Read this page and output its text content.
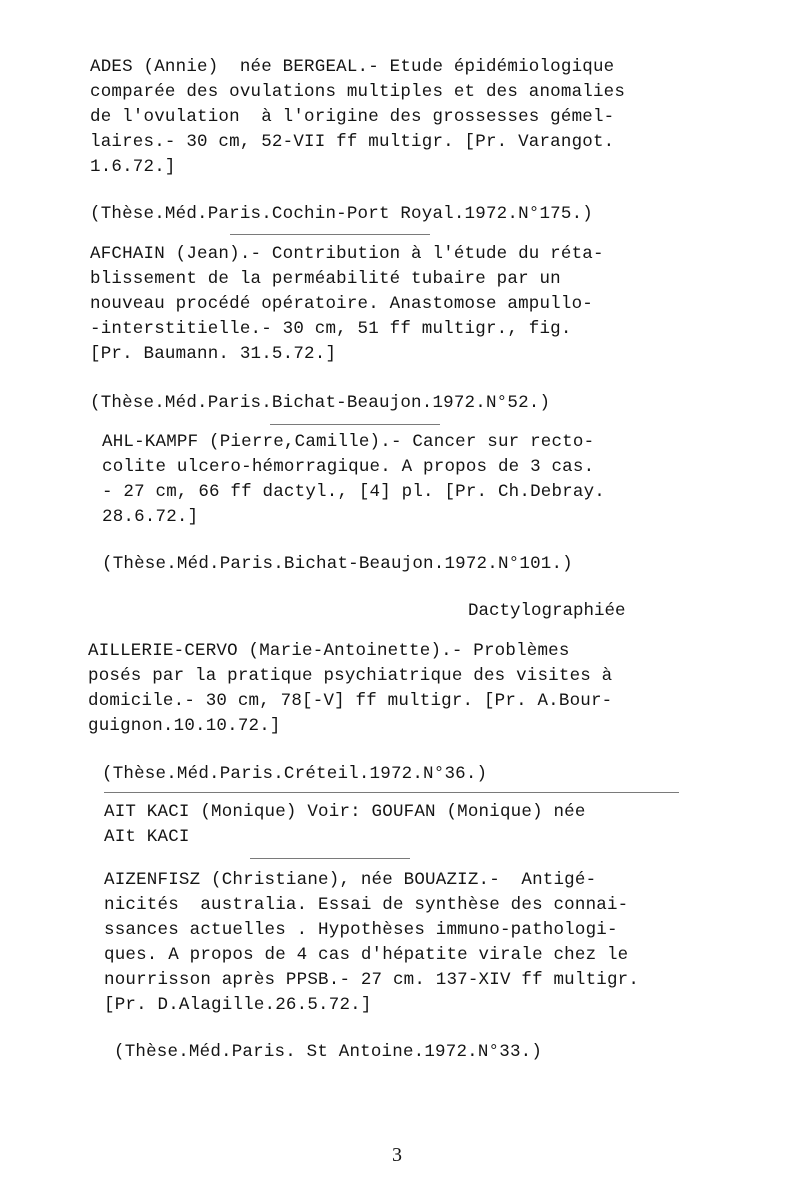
ADES (Annie)  née BERGEAL.- Etude épidémiologique
comparée des ovulations multiples et des anomalies
de l'ovulation  à l'origine des grossesses gémel-
laires.- 30 cm, 52-VII ff multigr. [Pr. Varangot.
1.6.72.]
(Thèse.Méd.Paris.Cochin-Port Royal.1972.N°175.)
AFCHAIN (Jean).- Contribution à l'étude du réta-
blissement de la perméabilité tubaire par un
nouveau procédé opératoire. Anastomose ampullo-
-interstitielle.- 30 cm, 51 ff multigr., fig.
[Pr. Baumann. 31.5.72.]
(Thèse.Méd.Paris.Bichat-Beaujon.1972.N°52.)
AHL-KAMPF (Pierre,Camille).- Cancer sur recto-
colite ulcero-hémorragique. A propos de 3 cas.
- 27 cm, 66 ff dactyl., [4] pl. [Pr. Ch.Debray.
28.6.72.]
(Thèse.Méd.Paris.Bichat-Beaujon.1972.N°101.)
Dactylographiée
AILLERIE-CERVO (Marie-Antoinette).- Problèmes
posés par la pratique psychiatrique des visites à
domicile.- 30 cm, 78[-V] ff multigr. [Pr. A.Bour-
guignon.10.10.72.]
(Thèse.Méd.Paris.Créteil.1972.N°36.)
AIT KACI (Monique) Voir: GOUFAN (Monique) née
AIt KACI
AIZENFISZ (Christiane), née BOUAZIZ.-  Antigé-
nicités  australia. Essai de synthèse des connai-
ssances actuelles . Hypothèses immuno-pathologi-
ques. A propos de 4 cas d'hépatite virale chez le
nourrisson après PPSB.- 27 cm. 137-XIV ff multigr.
[Pr. D.Alagille.26.5.72.]
(Thèse.Méd.Paris. St Antoine.1972.N°33.)
3
